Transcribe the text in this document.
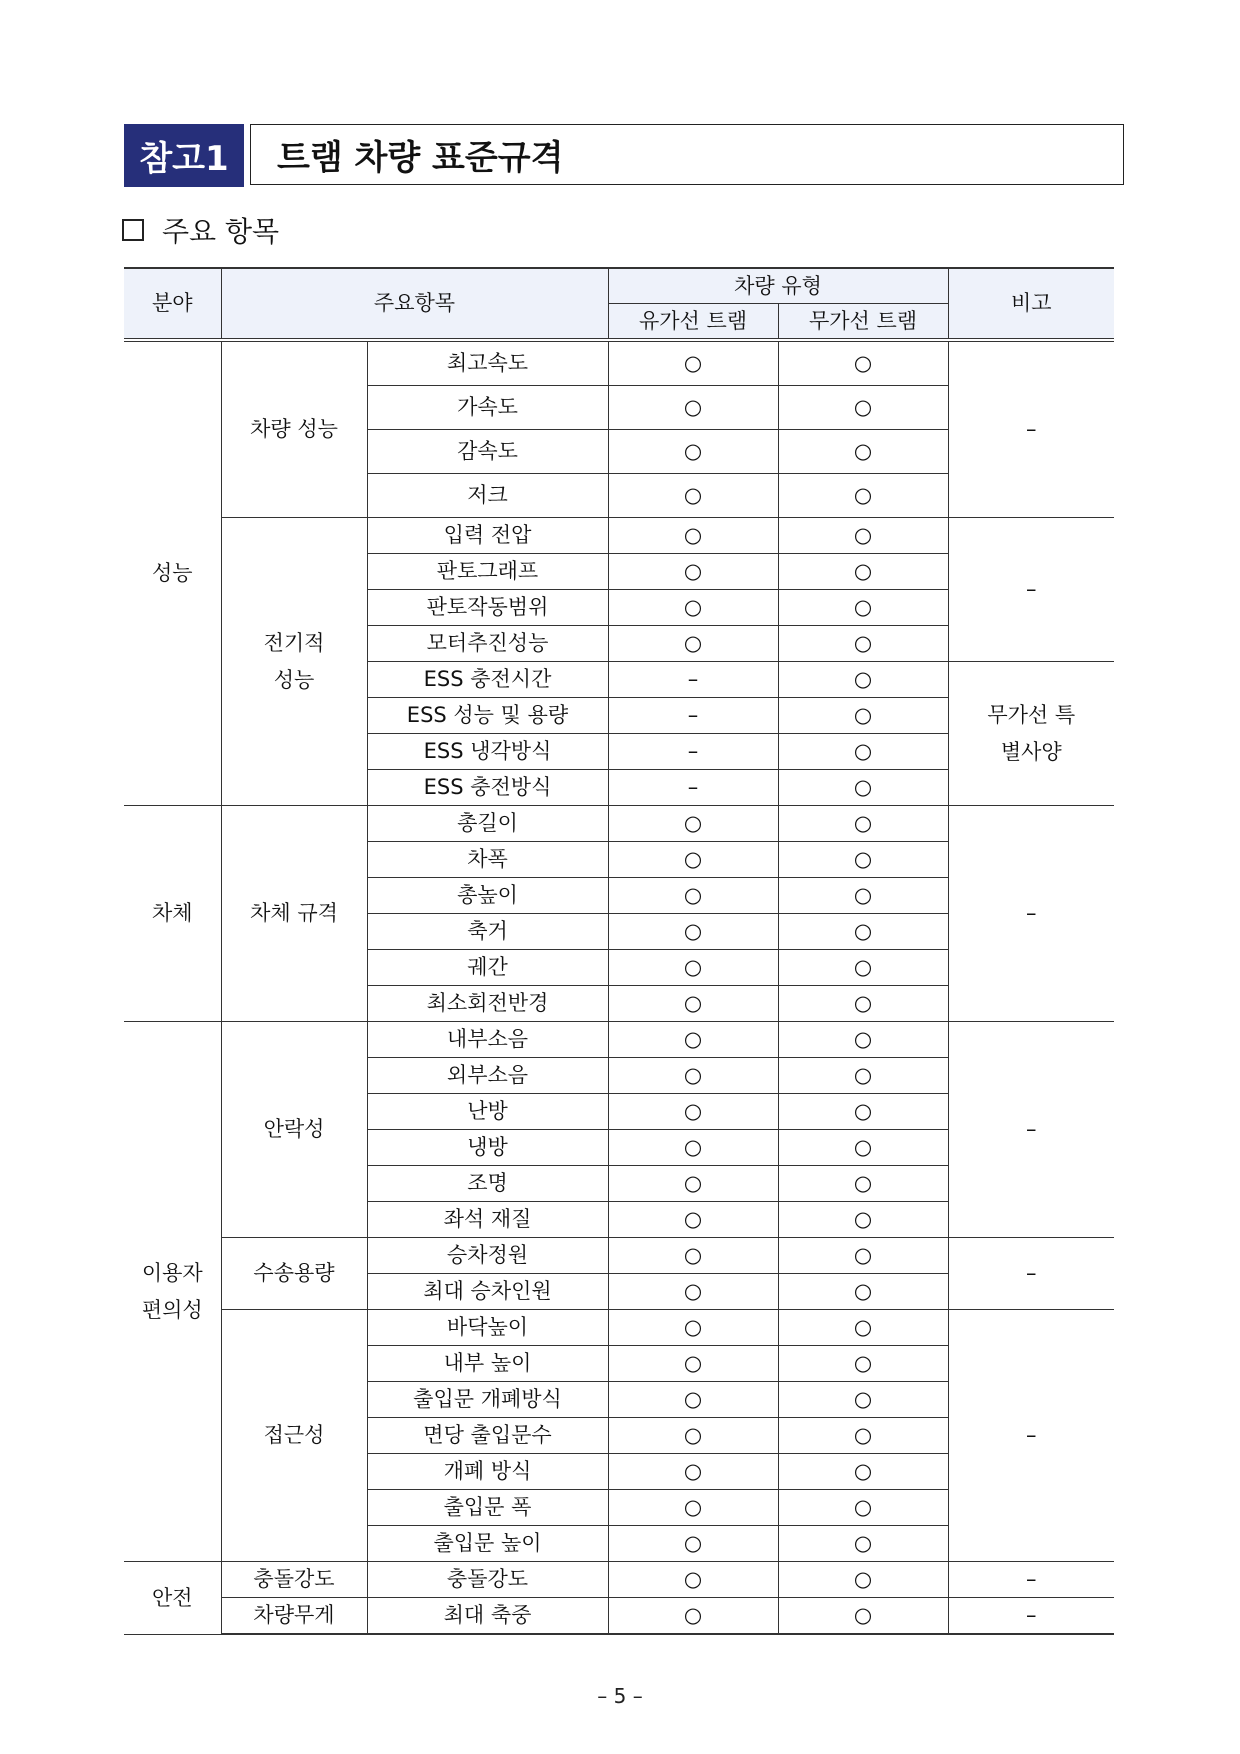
참고1	트램 차량 표준규격
주요 항목
분야	주요항목		차량 유형		비고
			유가선 트램	무가선 트램	
성능	차량 성능	최고속도	○	○	–
		가속도	○	○	
		감속도	○	○	
		저크	○	○	
	전기적 성능	입력 전압	○	○	–
		판토그래프	○	○	
		판토작동범위	○	○	
		모터추진성능	○	○	
		ESS 충전시간	–	○	무가선 특별사양
		ESS 성능 및 용량	–	○	
		ESS 냉각방식	–	○	
		ESS 충전방식	–	○	
차체	차체 규격	총길이	○	○	–
		차폭	○	○	
		총높이	○	○	
		축거	○	○	
		궤간	○	○	
		최소회전반경	○	○	
이용자 편의성	안락성	내부소음	○	○	–
		외부소음	○	○	
		난방	○	○	
		냉방	○	○	
		조명	○	○	
		좌석 재질	○	○	
	수송용량	승차정원	○	○	–
		최대 승차인원	○	○	
	접근성	바닥높이	○	○	–
		내부 높이	○	○	
		출입문 개폐방식	○	○	
		면당 출입문수	○	○	
		개폐 방식	○	○	
		출입문 폭	○	○	
		출입문 높이	○	○	
안전	충돌강도	충돌강도	○	○	–
	차량무게	최대 축중	○	○	–
– 5 –
